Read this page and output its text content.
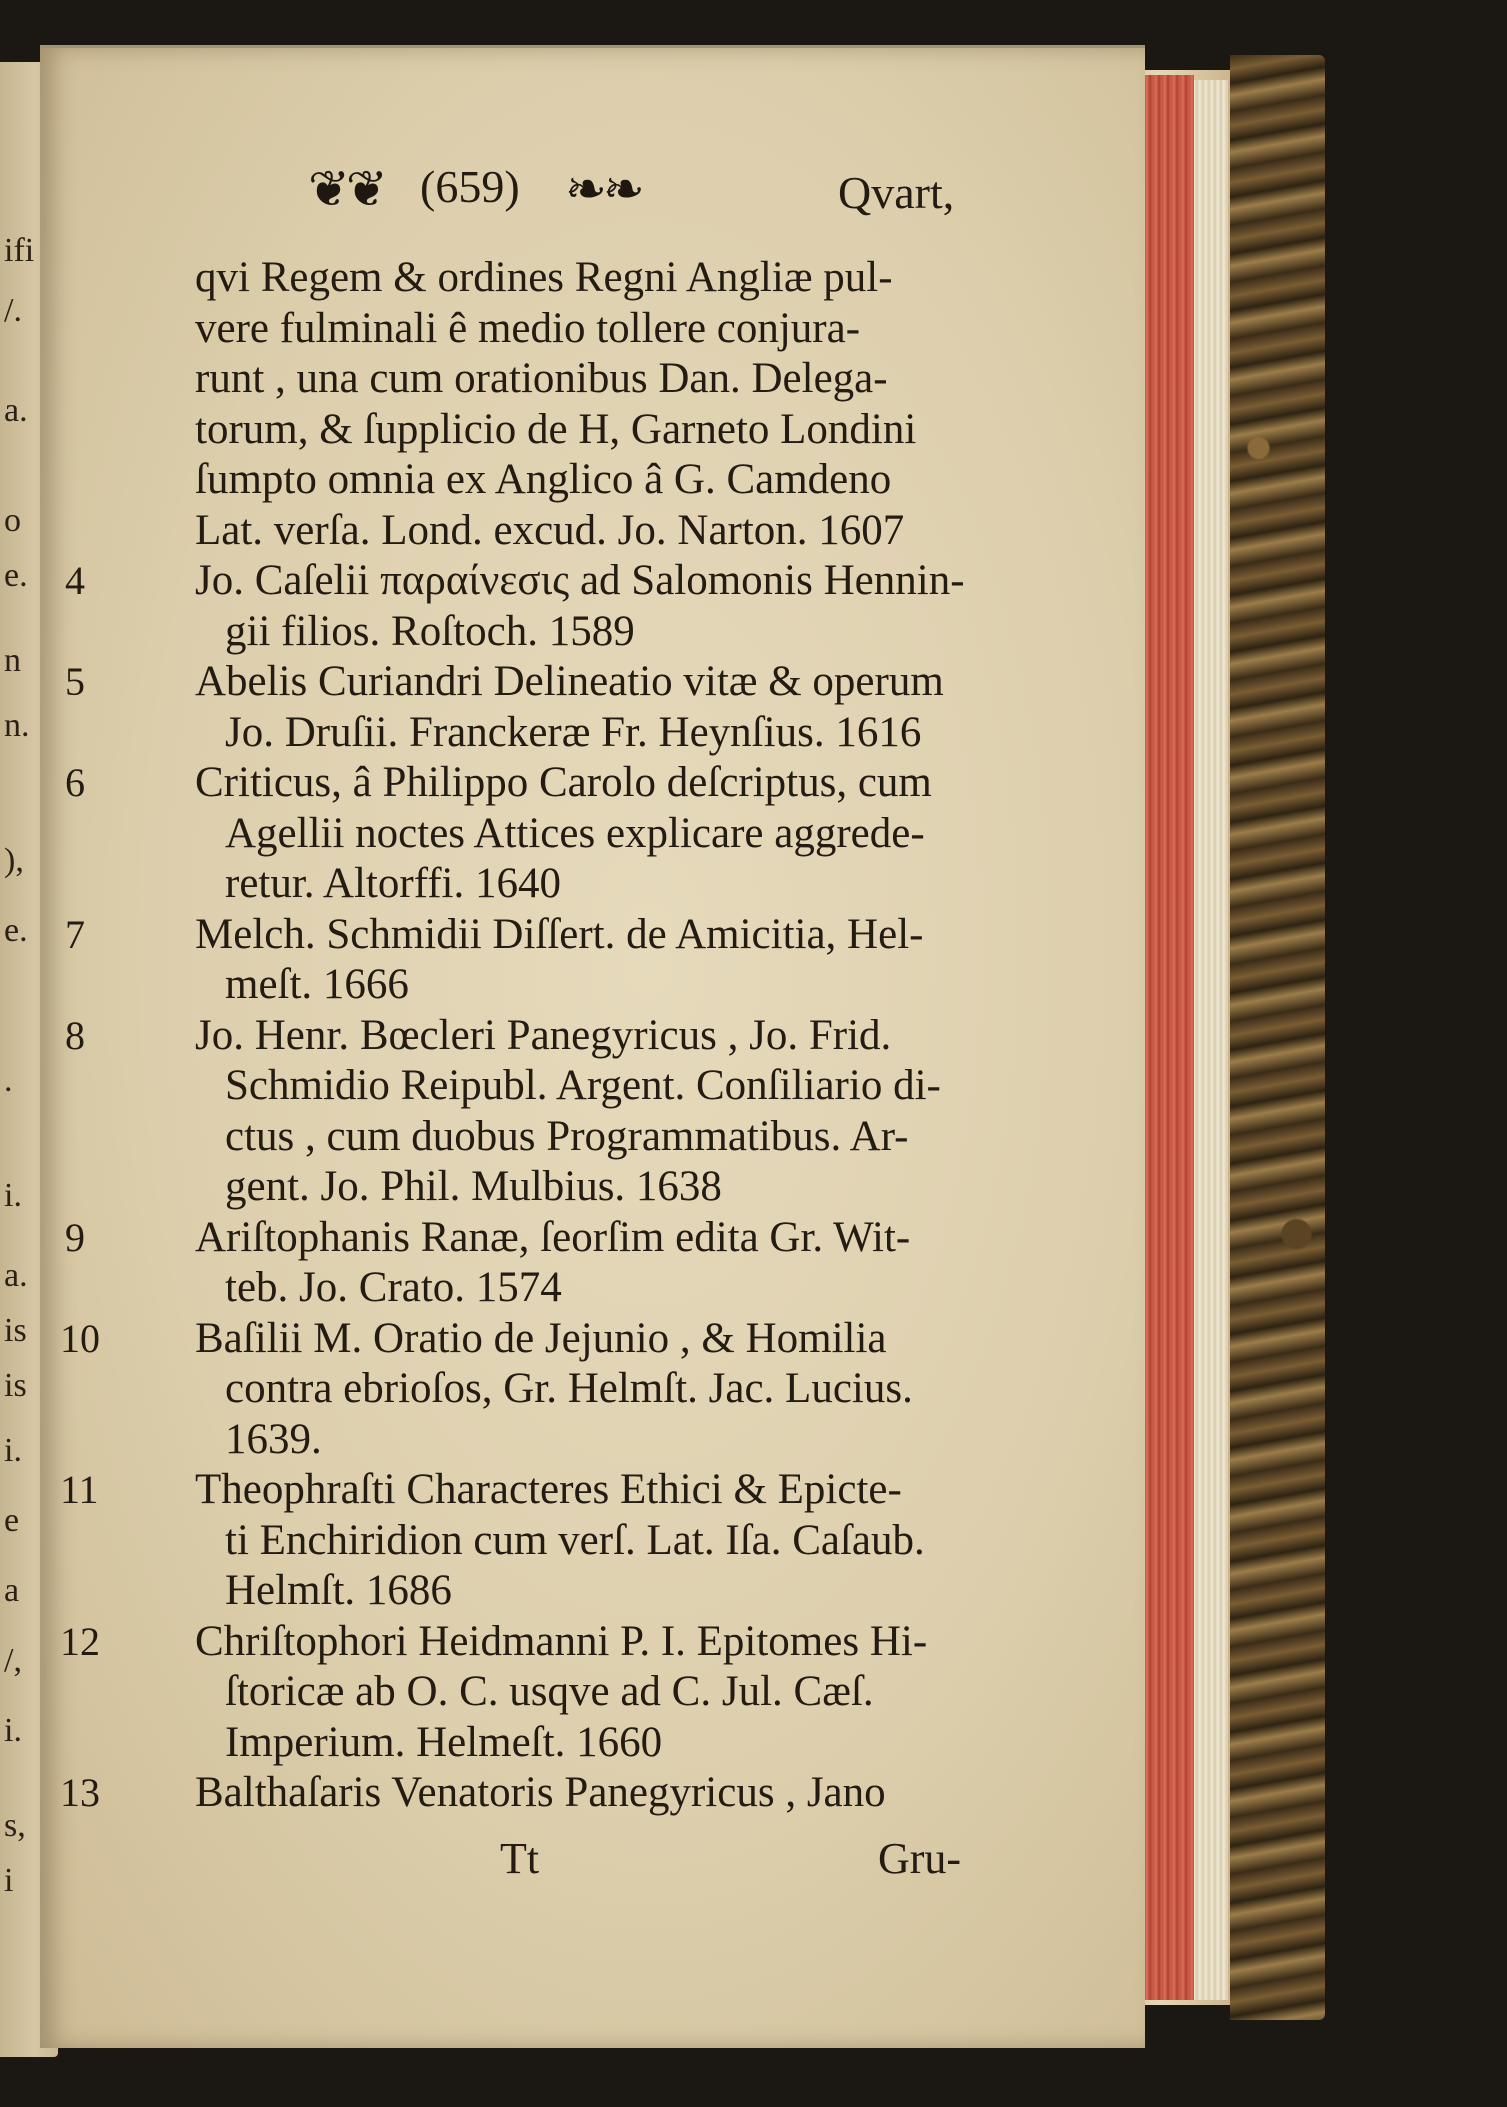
ifi
/.
a.
o
e.
n
n.
),
e.
.
i.
a.
is
is
i.
e
a
/,
i.
s,
i
❦❦ (659) ❧❧	Qvart,
qvi Regem & ordines Regni Angliæ pul-
vere fulminali ê medio tollere conjura-
runt , una cum orationibus Dan. Delega-
torum, & ſupplicio de H, Garneto Londini
ſumpto omnia ex Anglico â G. Camdeno
Lat. verſa. Lond. excud. Jo. Narton. 1607
Jo. Caſelii παραίνεσις ad Salomonis Hennin-
gii filios. Roſtoch. 1589
Abelis Curiandri Delineatio vitæ & operum
Jo. Druſii. Franckeræ Fr. Heynſius. 1616
Criticus, â Philippo Carolo deſcriptus, cum
Agellii noctes Attices explicare aggrede-
retur. Altorffi. 1640
Melch. Schmidii Diſſert. de Amicitia, Hel-
meſt. 1666
Jo. Henr. Bœcleri Panegyricus , Jo. Frid.
Schmidio Reipubl. Argent. Conſiliario di-
ctus , cum duobus Programmatibus. Ar-
gent. Jo. Phil. Mulbius. 1638
Ariſtophanis Ranæ, ſeorſim edita Gr. Wit-
teb. Jo. Crato. 1574
Baſilii M. Oratio de Jejunio , & Homilia
contra ebrioſos, Gr. Helmſt. Jac. Lucius.
1639.
Theophraſti Characteres Ethici & Epicte-
ti Enchiridion cum verſ. Lat. Iſa. Caſaub.
Helmſt. 1686
Chriſtophori Heidmanni P. I. Epitomes Hi-
ſtoricæ ab O. C. usqve ad C. Jul. Cæſ.
Imperium. Helmeſt. 1660
Balthaſaris Venatoris Panegyricus , Jano
Tt	Gru-
4
5
6
7
8
9
10
11
12
13
